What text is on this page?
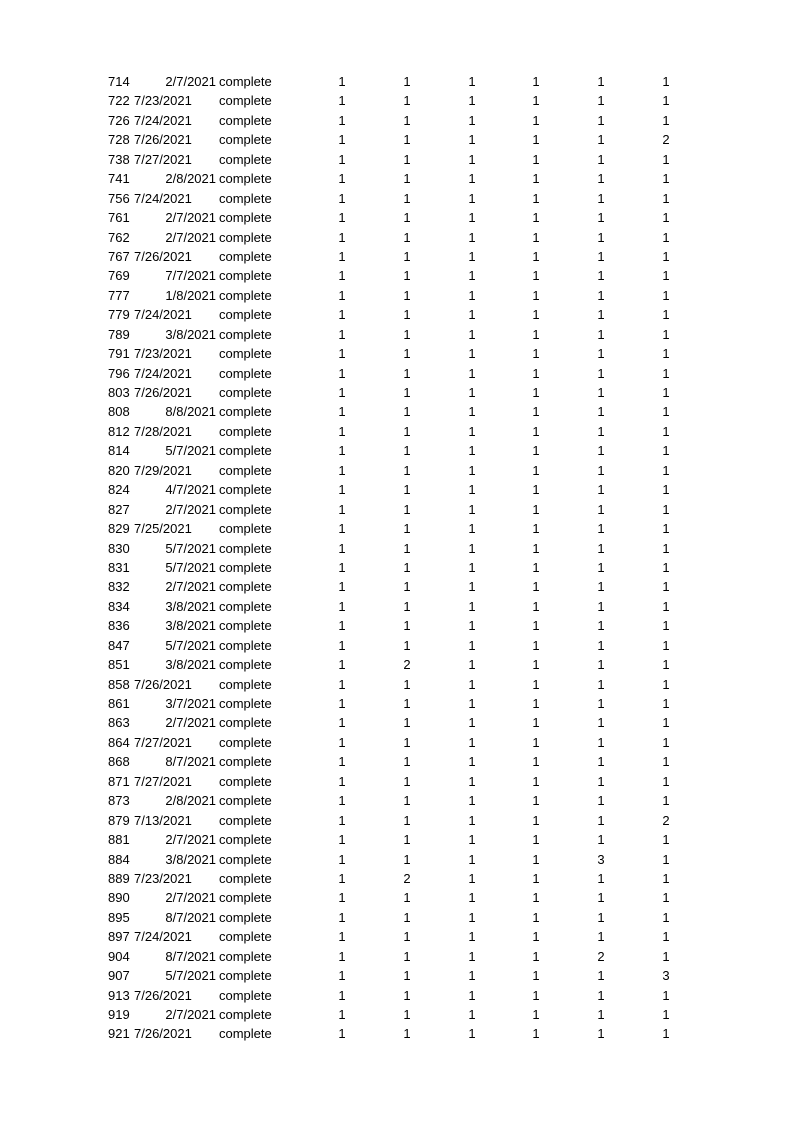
714	2/7/2021 complete	1	1	1	1	1	1
722 7/23/2021 complete	1	1	1	1	1	1
726 7/24/2021 complete	1	1	1	1	1	1
728 7/26/2021 complete	1	1	1	1	1	2
738 7/27/2021 complete	1	1	1	1	1	1
741	2/8/2021 complete	1	1	1	1	1	1
756 7/24/2021 complete	1	1	1	1	1	1
761	2/7/2021 complete	1	1	1	1	1	1
762	2/7/2021 complete	1	1	1	1	1	1
767 7/26/2021 complete	1	1	1	1	1	1
769	7/7/2021 complete	1	1	1	1	1	1
777	1/8/2021 complete	1	1	1	1	1	1
779 7/24/2021 complete	1	1	1	1	1	1
789	3/8/2021 complete	1	1	1	1	1	1
791 7/23/2021 complete	1	1	1	1	1	1
796 7/24/2021 complete	1	1	1	1	1	1
803 7/26/2021 complete	1	1	1	1	1	1
808	8/8/2021 complete	1	1	1	1	1	1
812 7/28/2021 complete	1	1	1	1	1	1
814	5/7/2021 complete	1	1	1	1	1	1
820 7/29/2021 complete	1	1	1	1	1	1
824	4/7/2021 complete	1	1	1	1	1	1
827	2/7/2021 complete	1	1	1	1	1	1
829 7/25/2021 complete	1	1	1	1	1	1
830	5/7/2021 complete	1	1	1	1	1	1
831	5/7/2021 complete	1	1	1	1	1	1
832	2/7/2021 complete	1	1	1	1	1	1
834	3/8/2021 complete	1	1	1	1	1	1
836	3/8/2021 complete	1	1	1	1	1	1
847	5/7/2021 complete	1	1	1	1	1	1
851	3/8/2021 complete	1	2	1	1	1	1
858 7/26/2021 complete	1	1	1	1	1	1
861	3/7/2021 complete	1	1	1	1	1	1
863	2/7/2021 complete	1	1	1	1	1	1
864 7/27/2021 complete	1	1	1	1	1	1
868	8/7/2021 complete	1	1	1	1	1	1
871 7/27/2021 complete	1	1	1	1	1	1
873	2/8/2021 complete	1	1	1	1	1	1
879 7/13/2021 complete	1	1	1	1	1	2
881	2/7/2021 complete	1	1	1	1	1	1
884	3/8/2021 complete	1	1	1	1	3	1
889 7/23/2021 complete	1	2	1	1	1	1
890	2/7/2021 complete	1	1	1	1	1	1
895	8/7/2021 complete	1	1	1	1	1	1
897 7/24/2021 complete	1	1	1	1	1	1
904	8/7/2021 complete	1	1	1	1	2	1
907	5/7/2021 complete	1	1	1	1	1	3
913 7/26/2021 complete	1	1	1	1	1	1
919	2/7/2021 complete	1	1	1	1	1	1
921 7/26/2021 complete	1	1	1	1	1	1
